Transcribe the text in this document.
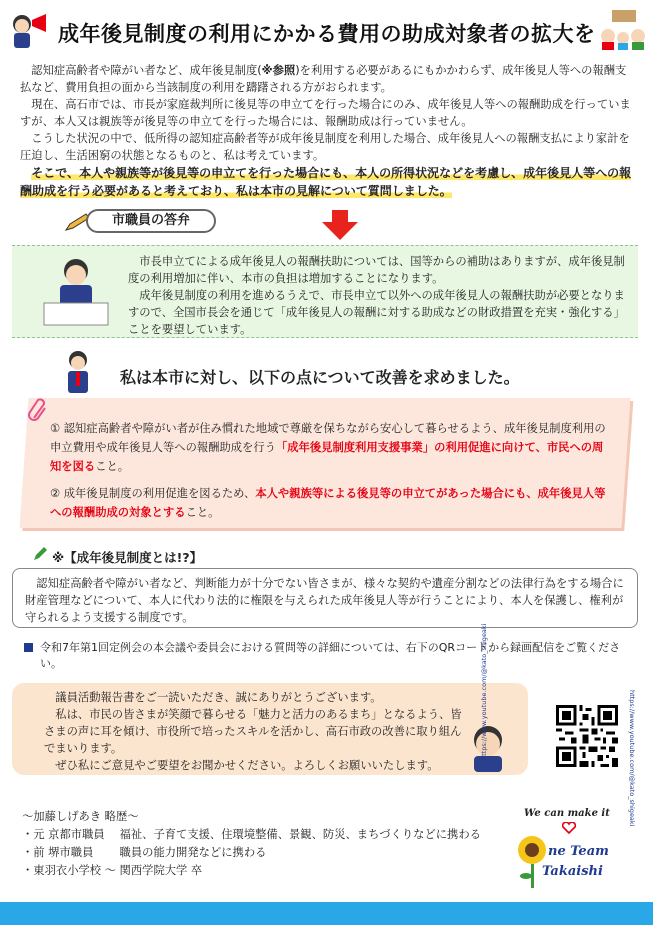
成年後見制度の利用にかかる費用の助成対象者の拡大を

認知症高齢者や障がい者など、成年後見制度(※参照)を利用する必要があるにもかかわらず、成年後見人等への報酬支払など、費用負担の面から当該制度の利用を躊躇される方がおられます。

現在、高石市では、市長が家庭裁判所に後見等の申立てを行った場合にのみ、成年後見人等への報酬助成を行っていますが、本人又は親族等が後見等の申立てを行った場合には、報酬助成は行っていません。

こうした状況の中で、低所得の認知症高齢者等が成年後見制度を利用した場合、成年後見人への報酬支払により家計を圧迫し、生活困窮の状態となるものと、私は考えています。

そこで、本人や親族等が後見等の申立てを行った場合にも、本人の所得状況などを考慮し、成年後見人等への報酬助成を行う必要があると考えており、私は本市の見解について質問しました。

市職員の答弁

市長申立てによる成年後見人の報酬扶助については、国等からの補助はありますが、成年後見制度の利用増加に伴い、本市の負担は増加することになります。

成年後見制度の利用を進めるうえで、市長申立て以外への成年後見人の報酬扶助が必要となりますので、全国市長会を通じて「成年後見人の報酬に対する助成などの財政措置を充実・強化する」ことを要望しています。

私は本市に対し、以下の点について改善を求めました。
① 認知症高齢者や障がい者が住み慣れた地域で尊厳を保ちながら安心して暮らせるよう、成年後見制度利用の申立費用や成年後見人等への報酬助成を行う「成年後見制度利用支援事業」の利用促進に向けて、市民への周知を図ること。
② 成年後見制度の利用促進を図るため、本人や親族等による後見等の申立てがあった場合にも、成年後見人等への報酬助成の対象とすること。
※【成年後見制度とは!?】

認知症高齢者や障がい者など、判断能力が十分でない皆さまが、様々な契約や遺産分割などの法律行為をする場合に財産管理などについて、本人に代わり法的に権限を与えられた成年後見人等が行うことにより、本人を保護し、権利が守られるよう支援する制度です。

令和7年第1回定例会の本会議や委員会における質問等の詳細については、右下のQRコードから録画配信をご覧ください。

議員活動報告書をご一読いただき、誠にありがとうございます。

私は、市民の皆さまが笑顔で暮らせる「魅力と活力のあるまち」となるよう、皆さまの声に耳を傾け、市役所で培ったスキルを活かし、高石市政の改善に取り組んでまいります。

ぜひ私にご意見やご要望をお聞かせください。よろしくお願いいたします。

https://www.youtube.com/@kato_shigeaki	https://www.youtube.com/@kato_shigeaki
〜加藤しげあき 略歴〜
・元 京都市職員　 福祉、子育て支援、住環境整備、景観、防災、まちづくりなどに携わる
・前 堺市職員　　 職員の能力開発などに携わる
・東羽衣小学校 〜 関西学院大学 卒
We can make it
ne Team
Takaishi
